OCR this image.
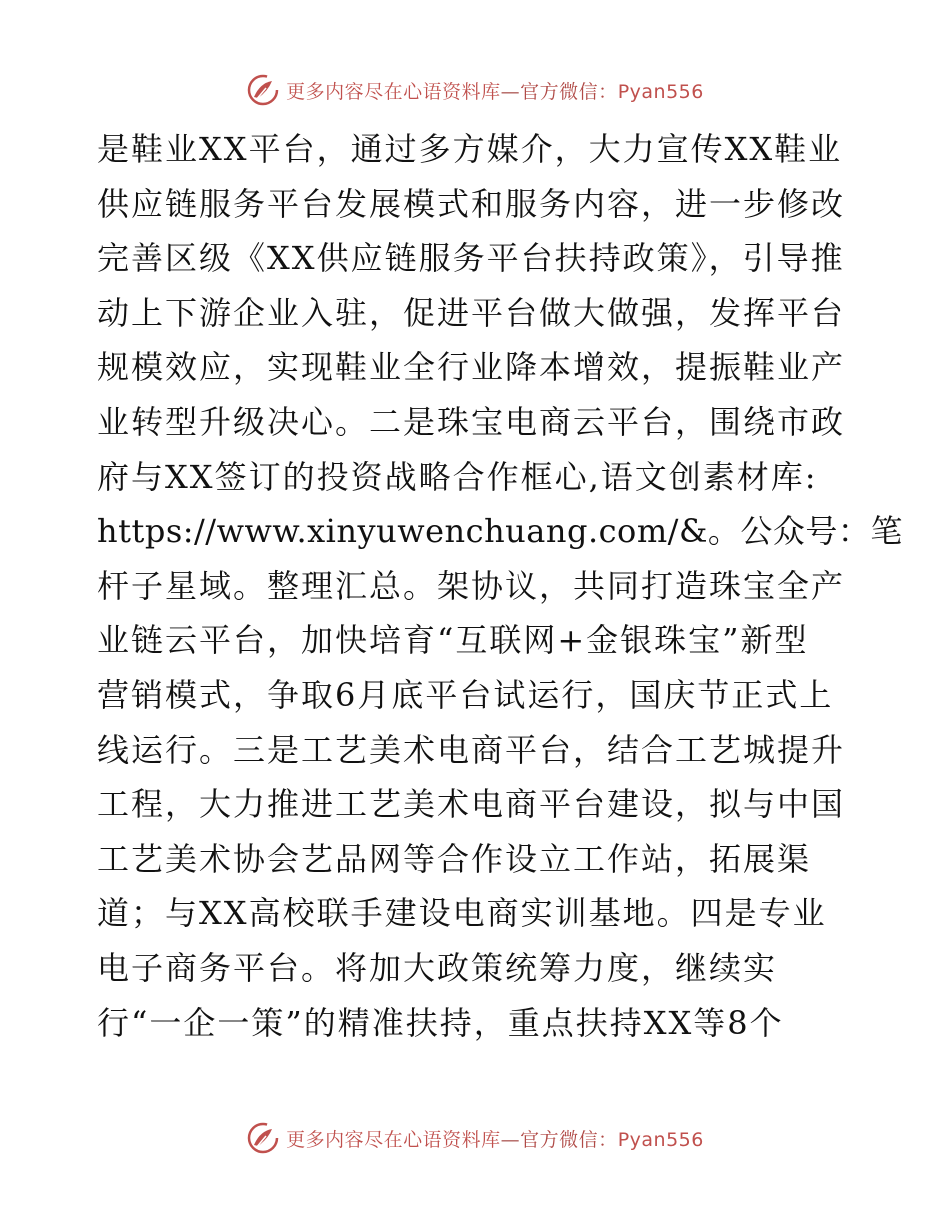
更多内容尽在心语资料库—官方微信：Pyan556
是鞋业XX平台，通过多方媒介，大力宣传XX鞋业
供应链服务平台发展模式和服务内容，进一步修改
完善区级《XX供应链服务平台扶持政策》，引导推
动上下游企业入驻，促进平台做大做强，发挥平台
规模效应，实现鞋业全行业降本增效，提振鞋业产
业转型升级决心。二是珠宝电商云平台，围绕市政
府与XX签订的投资战略合作框心,语文创素材库:
https://www.xinyuwenchuang.com/&。公众号：笔
杆子星域。整理汇总。架协议，共同打造珠宝全产
业链云平台，加快培育“互联网+金银珠宝”新型
营销模式，争取6月底平台试运行，国庆节正式上
线运行。三是工艺美术电商平台，结合工艺城提升
工程，大力推进工艺美术电商平台建设，拟与中国
工艺美术协会艺品网等合作设立工作站，拓展渠
道；与XX高校联手建设电商实训基地。四是专业
电子商务平台。将加大政策统筹力度，继续实
行“一企一策”的精准扶持，重点扶持XX等8个
更多内容尽在心语资料库—官方微信：Pyan556
